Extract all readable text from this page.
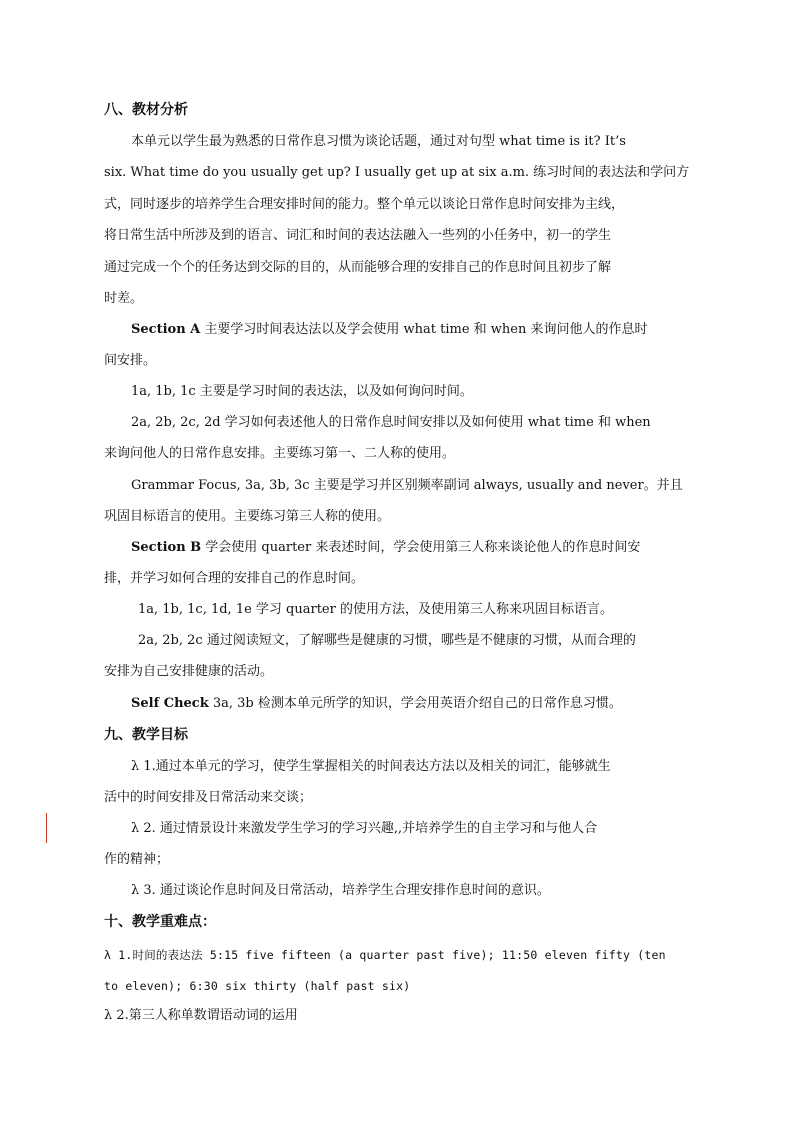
八、教材分析
本单元以学生最为熟悉的日常作息习惯为谈论话题，通过对句型 what time is it? It’s
six. What time do you usually get up? I usually get up at six a.m. 练习时间的表达法和学问方
式，同时逐步的培养学生合理安排时间的能力。整个单元以谈论日常作息时间安排为主线，
将日常生活中所涉及到的语言、词汇和时间的表达法融入一些列的小任务中，初一的学生
通过完成一个个的任务达到交际的目的，从而能够合理的安排自己的作息时间且初步了解
时差。
Section A 主要学习时间表达法以及学会使用 what time 和 when 来询问他人的作息时
间安排。
1a, 1b, 1c 主要是学习时间的表达法，以及如何询问时间。
2a, 2b, 2c, 2d 学习如何表述他人的日常作息时间安排以及如何使用 what time 和 when
来询问他人的日常作息安排。主要练习第一、二人称的使用。
Grammar Focus, 3a, 3b, 3c 主要是学习并区别频率副词 always, usually and never。并且
巩固目标语言的使用。主要练习第三人称的使用。
Section B 学会使用 quarter 来表述时间，学会使用第三人称来谈论他人的作息时间安
排，并学习如何合理的安排自己的作息时间。
1a, 1b, 1c, 1d, 1e 学习 quarter 的使用方法，及使用第三人称来巩固目标语言。
2a, 2b, 2c 通过阅读短文，了解哪些是健康的习惯，哪些是不健康的习惯，从而合理的
安排为自己安排健康的活动。
Self Check 3a, 3b 检测本单元所学的知识，学会用英语介绍自己的日常作息习惯。
九、教学目标
λ 1.通过本单元的学习，使学生掌握相关的时间表达方法以及相关的词汇，能够就生
活中的时间安排及日常活动来交谈；
λ 2. 通过情景设计来激发学生学习的学习兴趣,,并培养学生的自主学习和与他人合
作的精神；
λ 3. 通过谈论作息时间及日常活动，培养学生合理安排作息时间的意识。
十、教学重难点：
λ 1.时间的表达法 5:15 five fifteen (a quarter past five); 11:50 eleven fifty (ten
to eleven); 6:30 six thirty (half past six)
λ 2.第三人称单数谓语动词的运用
